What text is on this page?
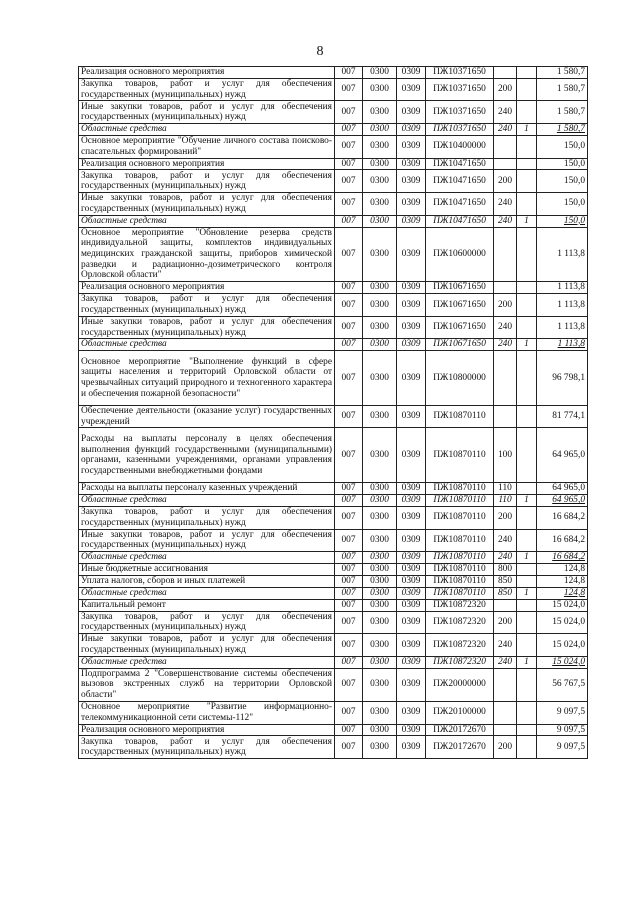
8
Реализация основного мероприятия	007	0300	0309	ПЖ10371650			1 580,7
Закупка товаров, работ и услуг для обеспечения государственных (муниципальных) нужд	007	0300	0309	ПЖ10371650	200		1 580,7
Иные закупки товаров, работ и услуг для обеспечения государственных (муниципальных) нужд	007	0300	0309	ПЖ10371650	240		1 580,7
Областные средства	007	0300	0309	ПЖ10371650	240	1	1 580,7
Основное мероприятие "Обучение личного состава поисково-спасательных формирований"	007	0300	0309	ПЖ10400000			150,0
Реализация основного мероприятия	007	0300	0309	ПЖ10471650			150,0
Закупка товаров, работ и услуг для обеспечения государственных (муниципальных) нужд	007	0300	0309	ПЖ10471650	200		150,0
Иные закупки товаров, работ и услуг для обеспечения государственных (муниципальных) нужд	007	0300	0309	ПЖ10471650	240		150,0
Областные средства	007	0300	0309	ПЖ10471650	240	1	150,0
Основное мероприятие "Обновление резерва средств индивидуальной защиты, комплектов индивидуальных медицинских гражданской защиты, приборов химической разведки и радиационно-дозиметрического контроля Орловской области"	007	0300	0309	ПЖ10600000			1 113,8
Реализация основного мероприятия	007	0300	0309	ПЖ10671650			1 113,8
Закупка товаров, работ и услуг для обеспечения государственных (муниципальных) нужд	007	0300	0309	ПЖ10671650	200		1 113,8
Иные закупки товаров, работ и услуг для обеспечения государственных (муниципальных) нужд	007	0300	0309	ПЖ10671650	240		1 113,8
Областные средства	007	0300	0309	ПЖ10671650	240	1	1 113,8
Основное мероприятие "Выполнение функций в сфере защиты населения и территорий Орловской области от чрезвычайных ситуаций природного и техногенного характера и обеспечения пожарной безопасности"	007	0300	0309	ПЖ10800000			96 798,1
Обеспечение деятельности (оказание услуг) государственных учреждений	007	0300	0309	ПЖ10870110			81 774,1
Расходы на выплаты персоналу в целях обеспечения выполнения функций государственными (муниципальными) органами, казенными учреждениями, органами управления государственными внебюджетными фондами	007	0300	0309	ПЖ10870110	100		64 965,0
Расходы на выплаты персоналу казенных учреждений	007	0300	0309	ПЖ10870110	110		64 965,0
Областные средства	007	0300	0309	ПЖ10870110	110	1	64 965,0
Закупка товаров, работ и услуг для обеспечения государственных (муниципальных) нужд	007	0300	0309	ПЖ10870110	200		16 684,2
Иные закупки товаров, работ и услуг для обеспечения государственных (муниципальных) нужд	007	0300	0309	ПЖ10870110	240		16 684,2
Областные средства	007	0300	0309	ПЖ10870110	240	1	16 684,2
Иные бюджетные ассигнования	007	0300	0309	ПЖ10870110	800		124,8
Уплата налогов, сборов и иных платежей	007	0300	0309	ПЖ10870110	850		124,8
Областные средства	007	0300	0309	ПЖ10870110	850	1	124,8
Капитальный ремонт	007	0300	0309	ПЖ10872320			15 024,0
Закупка товаров, работ и услуг для обеспечения государственных (муниципальных) нужд	007	0300	0309	ПЖ10872320	200		15 024,0
Иные закупки товаров, работ и услуг для обеспечения государственных (муниципальных) нужд	007	0300	0309	ПЖ10872320	240		15 024,0
Областные средства	007	0300	0309	ПЖ10872320	240	1	15 024,0
Подпрограмма 2 "Совершенствование системы обеспечения вызовов экстренных служб на территории Орловской области"	007	0300	0309	ПЖ20000000			56 767,5
Основное мероприятие "Развитие информационно-телекоммуникационной сети системы-112"	007	0300	0309	ПЖ20100000			9 097,5
Реализация основного мероприятия	007	0300	0309	ПЖ20172670			9 097,5
Закупка товаров, работ и услуг для обеспечения государственных (муниципальных) нужд	007	0300	0309	ПЖ20172670	200		9 097,5
